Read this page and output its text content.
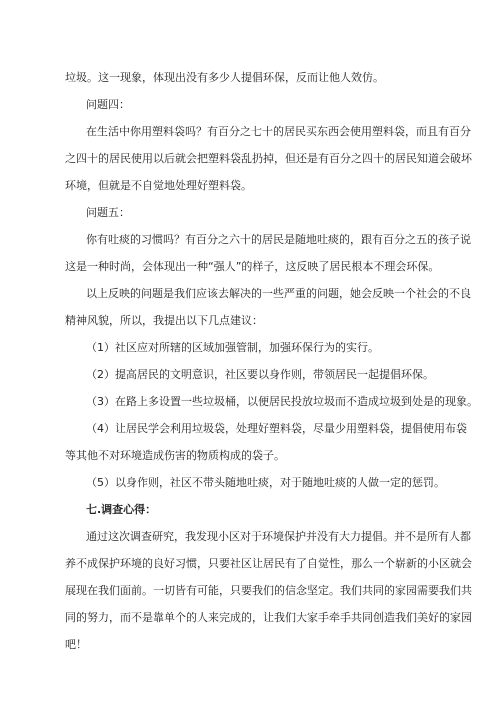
垃圾。这一现象，体现出没有多少人提倡环保，反而让他人效仿。
问题四：
在生活中你用塑料袋吗？有百分之七十的居民买东西会使用塑料袋，而且有百分
之四十的居民使用以后就会把塑料袋乱扔掉，但还是有百分之四十的居民知道会破坏
环境，但就是不自觉地处理好塑料袋。
问题五：
你有吐痰的习惯吗？有百分之六十的居民是随地吐痰的，跟有百分之五的孩子说
这是一种时尚，会体现出一种“强人”的样子，这反映了居民根本不理会环保。
以上反映的问题是我们应该去解决的一些严重的问题，她会反映一个社会的不良
精神风貌，所以，我提出以下几点建议：
（1）社区应对所辖的区域加强管制，加强环保行为的实行。
（2）提高居民的文明意识，社区要以身作则，带领居民一起提倡环保。
（3）在路上多设置一些垃圾桶，以便居民投放垃圾而不造成垃圾到处是的现象。
（4）让居民学会利用垃圾袋，处理好塑料袋，尽量少用塑料袋，提倡使用布袋
等其他不对环境造成伤害的物质构成的袋子。
（5）以身作则，社区不带头随地吐痰，对于随地吐痰的人做一定的惩罚。
七.调查心得：
通过这次调查研究，我发现小区对于环境保护并没有大力提倡。并不是所有人都
养不成保护环境的良好习惯，只要社区让居民有了自觉性，那么一个崭新的小区就会
展现在我们面前。一切皆有可能，只要我们的信念坚定。我们共同的家园需要我们共
同的努力，而不是靠单个的人来完成的，让我们大家手牵手共同创造我们美好的家园
吧！
